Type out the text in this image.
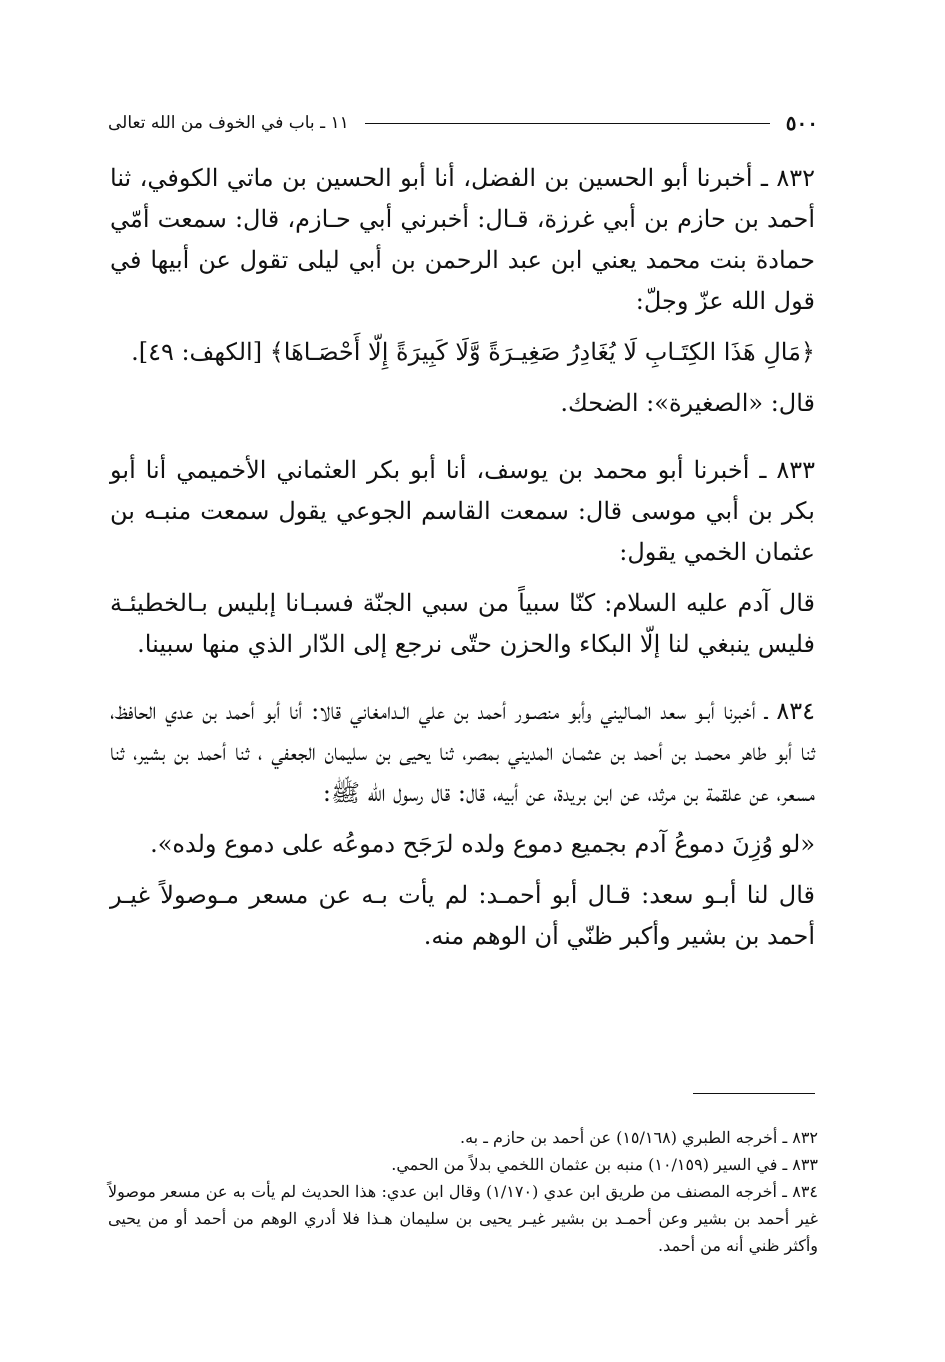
٥٠٠
١١ ـ باب في الخوف من الله تعالى

٨٣٢ ـ أخبرنا أبو الحسين بن الفضل، أنا أبو الحسين بن ماتي الكوفي، ثنا أحمد بن حازم بن أبي غرزة، قـال: أخبرني أبي حـازم، قال: سمعت أمّي حمادة بنت محمد يعني ابن عبد الرحمن بن أبي ليلى تقول عن أبيها في قول الله عزّ وجلّ:

﴿مَالِ هَذَا الكِتَـابِ لَا يُغَادِرُ صَغِيـرَةً وَّلَا كَبِيرَةً إِلّا أَحْصَـاهَا﴾ [الكهف: ٤٩].

قال: «الصغيرة»: الضحك.

٨٣٣ ـ أخبرنا أبو محمد بن يوسف، أنا أبو بكر العثماني الأخميمي أنا أبو بكر بن أبي موسى قال: سمعت القاسم الجوعي يقول سمعت منبـه بن عثمان الخمي يقول:

قال آدم عليه السلام: كنّا سبياً من سبي الجنّة فسبـانا إبليس بـالخطيئـة فليس ينبغي لنا إلّا البكاء والحزن حتّى نرجع إلى الدّار الذي منها سبينا.

٨٣٤ ـ أخبرنا أبـو سعد المـاليني وأبو منصـور أحمد بن علي الـدامغاني قالا: أنا أبو أحمد بن عدي الحافظ، ثنا أبو طاهر محمـد بن أحمد بن عثمـان المديني بمصر، ثنا يحيى بن سليمان الجعفي ، ثنا أحمد بن بشير، ثنا مسعر، عن علقمة بن مرثد، عن ابن بريدة، عن أبيه، قال: قال رسول الله ﷺ:

«لو وُزِنَ دموعُ آدم بجميع دموع ولده لرَجَح دموعُه على دموع ولده».

قال لنا أبـو سعد: قـال أبو أحمـد: لم يأت بـه عن مسعر مـوصولاً غيـر أحمد بن بشير وأكبر ظنّي أن الوهم منه.

٨٣٢ ـ أخرجه الطبري (١٥/١٦٨) عن أحمد بن حازم ـ به.

٨٣٣ ـ في السير (١٠/١٥٩) منبه بن عثمان اللخمي بدلاً من الحمي.

٨٣٤ ـ أخرجه المصنف من طريق ابن عدي (١/١٧٠) وقال ابن عدي: هذا الحديث لم يأت به عن مسعر موصولاً غير أحمد بن بشير وعن أحمـد بن بشير غيـر يحيى بن سليمان هـذا فلا أدري الوهم من أحمد أو من يحيى وأكثر ظني أنه من أحمد.
